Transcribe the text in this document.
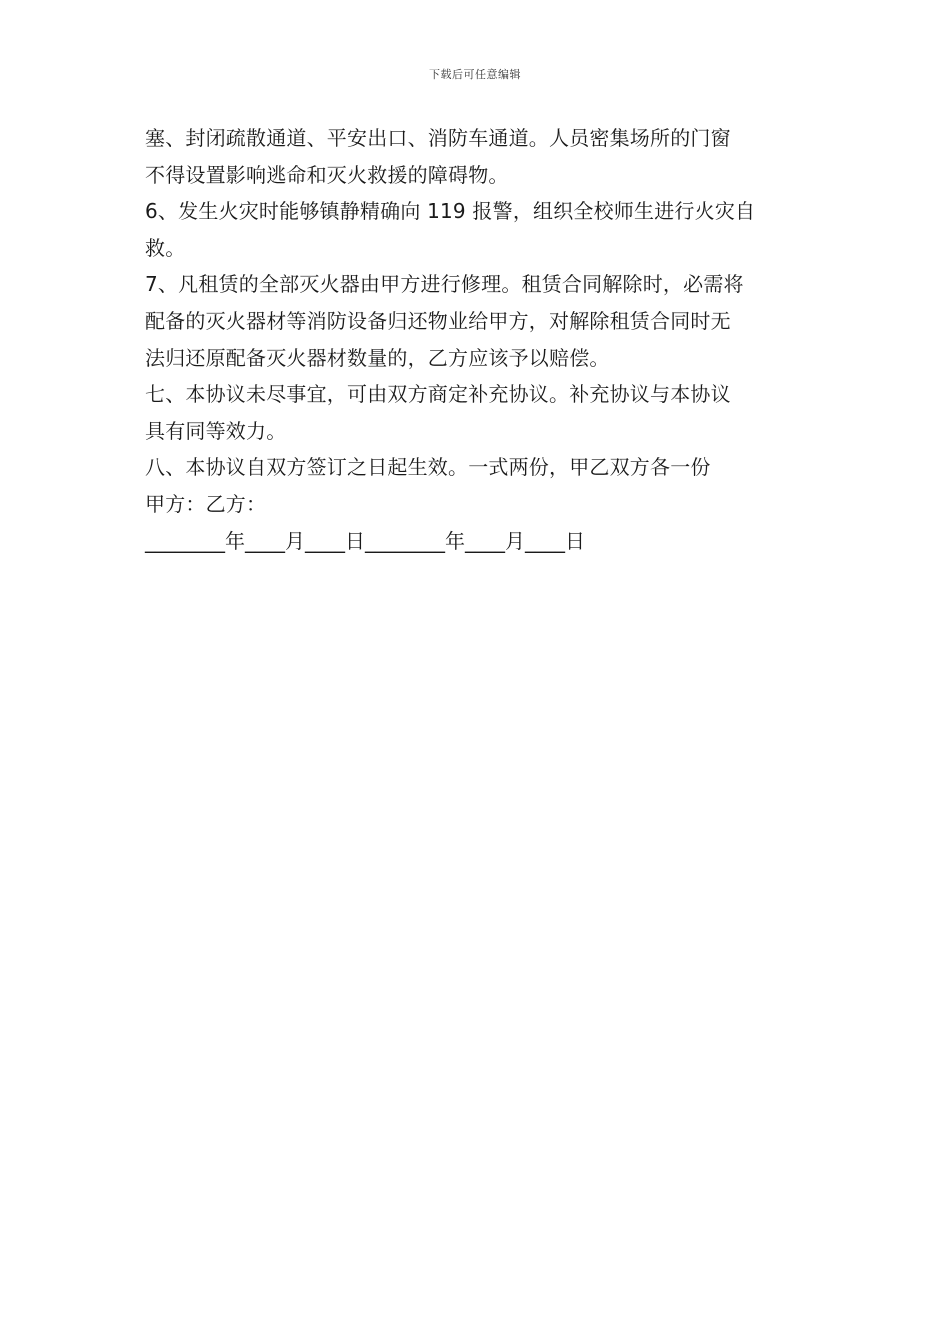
下载后可任意编辑
塞、封闭疏散通道、平安出口、消防车通道。人员密集场所的门窗
不得设置影响逃命和灭火救援的障碍物。
6、发生火灾时能够镇静精确向 119 报警，组织全校师生进行火灾自
救。
7、凡租赁的全部灭火器由甲方进行修理。租赁合同解除时，必需将
配备的灭火器材等消防设备归还物业给甲方，对解除租赁合同时无
法归还原配备灭火器材数量的，乙方应该予以赔偿。
七、本协议未尽事宜，可由双方商定补充协议。补充协议与本协议
具有同等效力。
八、本协议自双方签订之日起生效。一式两份，甲乙双方各一份
甲方：乙方：
________年____月____日________年____月____日
